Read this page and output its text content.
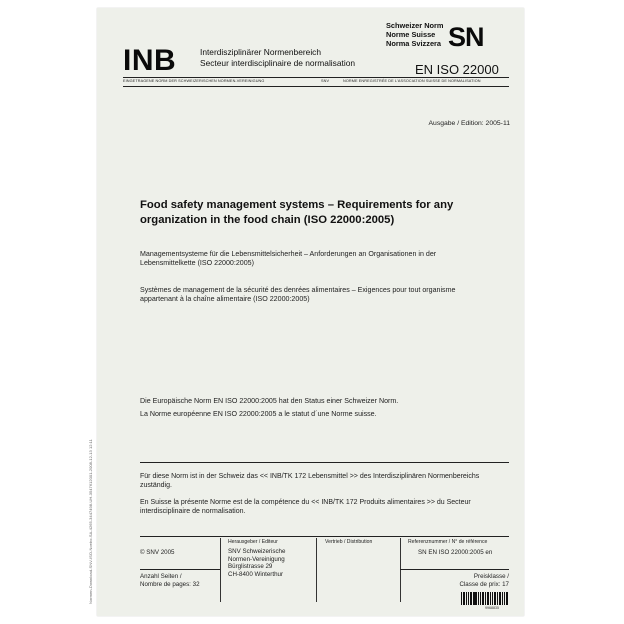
INB	Interdisziplinärer Normenbereich
Secteur interdisciplinaire de normalisation
Schweizer Norm
Norme Suisse
Norma Svizzera SN
EN ISO 22000
EINGETRAGENE NORM DER SCHWEIZERISCHEN NORMEN-VEREINIGUNG	SNV	NORME ENREGISTRÉE DE L'ASSOCIATION SUISSE DE NORMALISATION
Ausgabe / Edition: 2005-11
Food safety management systems – Requirements for any organization in the food chain (ISO 22000:2005)
Managementsysteme für die Lebensmittelsicherheit – Anforderungen an Organisationen in der Lebensmittelkette (ISO 22000:2005)
Systèmes de management de la sécurité des denrées alimentaires – Exigences pour tout organisme appartenant à la chaîne alimentaire (ISO 22000:2005)
Die Europäische Norm EN ISO 22000:2005 hat den Status einer Schweizer Norm.
La Norme européenne EN ISO 22000:2005 a le statut d´une Norme suisse.
Für diese Norm ist in der Schweiz das << INB/TK 172 Lebensmittel >> des Interdisziplinären Normenbereichs zuständig.
En Suisse la présente Norme est de la compétence du << INB/TK 172 Produits alimentaires >> du Secteur interdisciplinaire de normalisation.
© SNV 2005
Herausgeber / Editeur
SNV Schweizerische
Normen-Vereinigung
Bürglistrasse 29
CH-8400 Winterthur
Vertrieb / Distribution	Referenznummer / N° de référence
SN EN ISO 22000:2005 en
Anzahl Seiten /
Nombre de pages: 32
Preisklasse /
Classe de prix: 17
9968835
Normen-Download-SNV-ISO-Noebo-SA-4265-3447498-UH-3547612001-2008-12-13 12:11
